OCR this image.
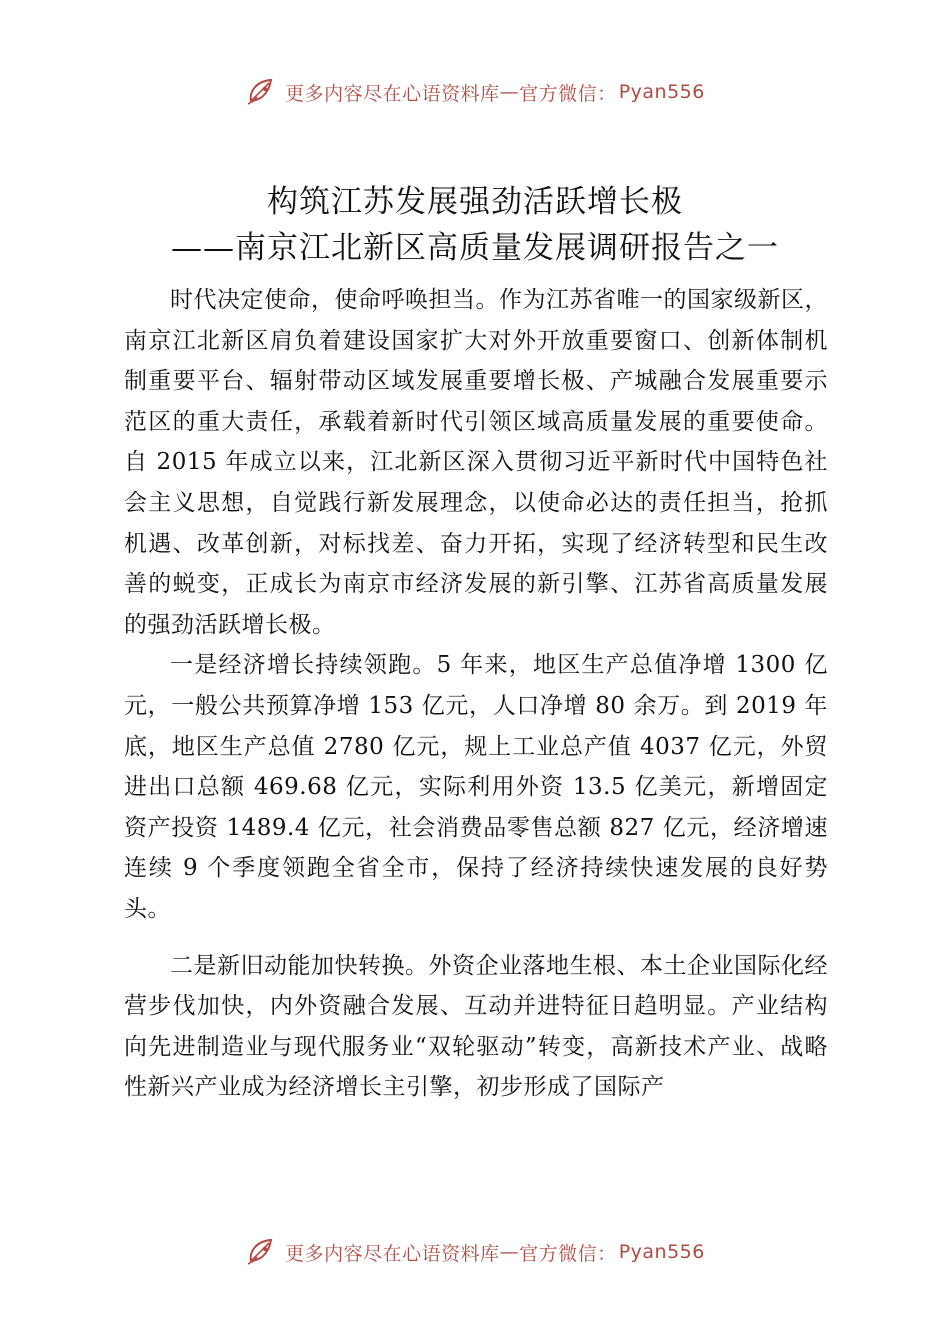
更多内容尽在心语资料库 — 官方微信： Pyan556
构筑江苏发展强劲活跃增长极
——南京江北新区高质量发展调研报告之一

时代决定使命，使命呼唤担当。作为江苏省唯一的国家级新区，南京江北新区肩负着建设国家扩大对外开放重要窗口、创新体制机制重要平台、辐射带动区域发展重要增长极、产城融合发展重要示范区的重大责任，承载着新时代引领区域高质量发展的重要使命。自 2015 年成立以来，江北新区深入贯彻习近平新时代中国特色社会主义思想，自觉践行新发展理念，以使命必达的责任担当，抢抓机遇、改革创新，对标找差、奋力开拓，实现了经济转型和民生改善的蜕变，正成长为南京市经济发展的新引擎、江苏省高质量发展的强劲活跃增长极。

一是经济增长持续领跑。5 年来，地区生产总值净增 1300 亿元，一般公共预算净增 153 亿元，人口净增 80 余万。到 2019 年底，地区生产总值 2780 亿元，规上工业总产值 4037 亿元，外贸进出口总额 469.68 亿元，实际利用外资 13.5 亿美元，新增固定资产投资 1489.4 亿元，社会消费品零售总额 827 亿元，经济增速连续 9 个季度领跑全省全市，保持了经济持续快速发展的良好势头。

二是新旧动能加快转换。外资企业落地生根、本土企业国际化经营步伐加快，内外资融合发展、互动并进特征日趋明显。产业结构向先进制造业与现代服务业“双轮驱动”转变，高新技术产业、战略性新兴产业成为经济增长主引擎，初步形成了国际产

更多内容尽在心语资料库 — 官方微信： Pyan556
